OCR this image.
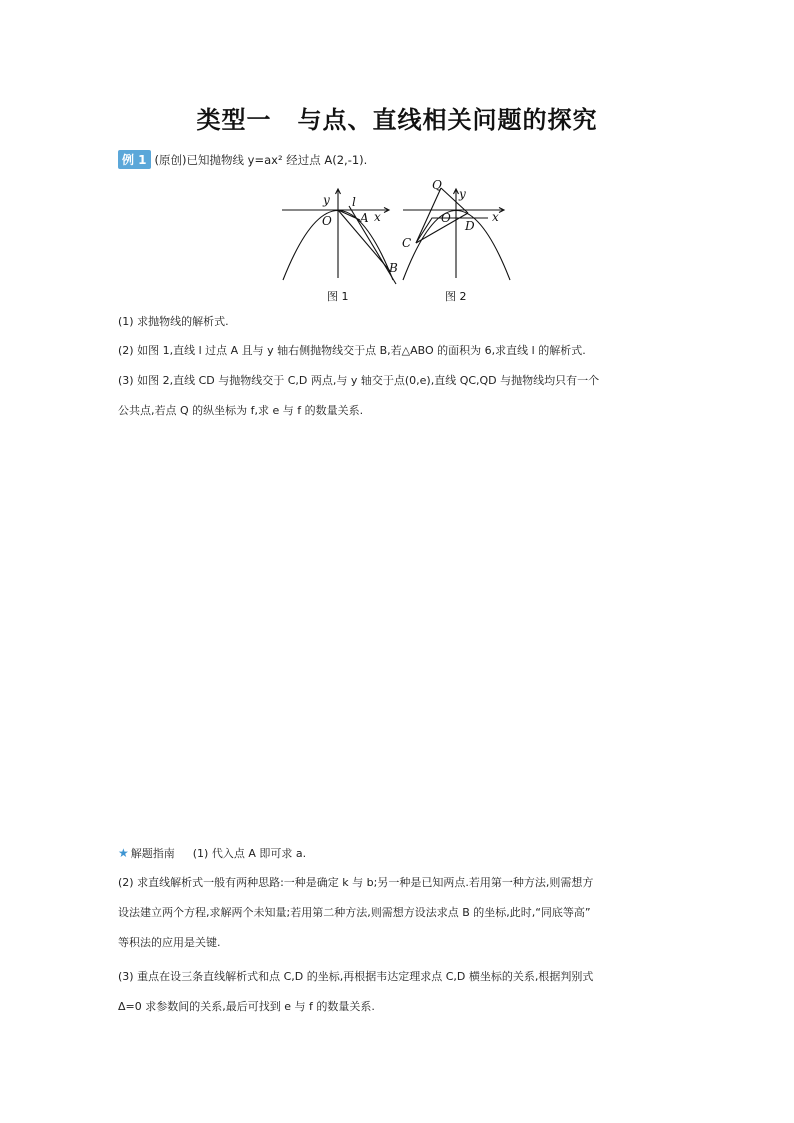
类型一 与点、直线相关问题的探究
例 1 (原创)已知抛物线 y=ax² 经过点 A(2,-1).
y
O
l
x
A
B
图 1
Q
y
x
O
C
D
图 2
(1) 求抛物线的解析式.
(2) 如图 1,直线 l 过点 A 且与 y 轴右侧抛物线交于点 B,若△ABO 的面积为 6,求直线 l 的解析式.
(3) 如图 2,直线 CD 与抛物线交于 C,D 两点,与 y 轴交于点(0,e),直线 QC,QD 与抛物线均只有一个
公共点,若点 Q 的纵坐标为 f,求 e 与 f 的数量关系.
★ 解题指南 (1) 代入点 A 即可求 a.
(2) 求直线解析式一般有两种思路:一种是确定 k 与 b;另一种是已知两点.若用第一种方法,则需想方
设法建立两个方程,求解两个未知量;若用第二种方法,则需想方设法求点 B 的坐标,此时,“同底等高”
等积法的应用是关键.
(3) 重点在设三条直线解析式和点 C,D 的坐标,再根据韦达定理求点 C,D 横坐标的关系,根据判别式
Δ=0 求参数间的关系,最后可找到 e 与 f 的数量关系.
